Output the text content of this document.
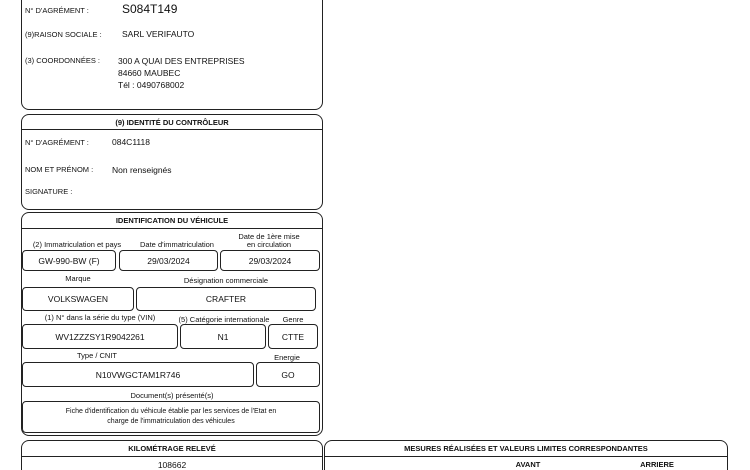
N° D'AGRÉMENT :	S084T149
(9)RAISON SOCIALE : SARL VERIFAUTO
(3) COORDONNÉES : 300 A QUAI DES ENTREPRISES
84660 MAUBEC
Tél : 0490768002
(9) IDENTITÉ DU CONTRÔLEUR
N° D'AGRÉMENT :	084C1118
NOM ET PRÉNOM : Non renseignés
SIGNATURE :
IDENTIFICATION DU VÉHICULE
(2) Immatriculation et pays	Date d'immatriculation
Date de 1ère mise
en circulation
GW-990-BW (F)	29/03/2024	29/03/2024
Marque	Désignation commerciale
VOLKSWAGEN	CRAFTER
(1) N° dans la série du type (VIN)	(5) Catégorie internationale	Genre
WV1ZZZSY1R9042261	N1	CTTE
Type / CNIT	Energie
N10VWGCTAM1R746	GO
Document(s) présenté(s)
Fiche d'identification du véhicule établie par les services de l'Etat en
charge de l'immatriculation des véhicules
KILOMÉTRAGE RELEVÉ
108662
MESURES RÉALISÉES ET VALEURS LIMITES CORRESPONDANTES
AVANT	ARRIERE
